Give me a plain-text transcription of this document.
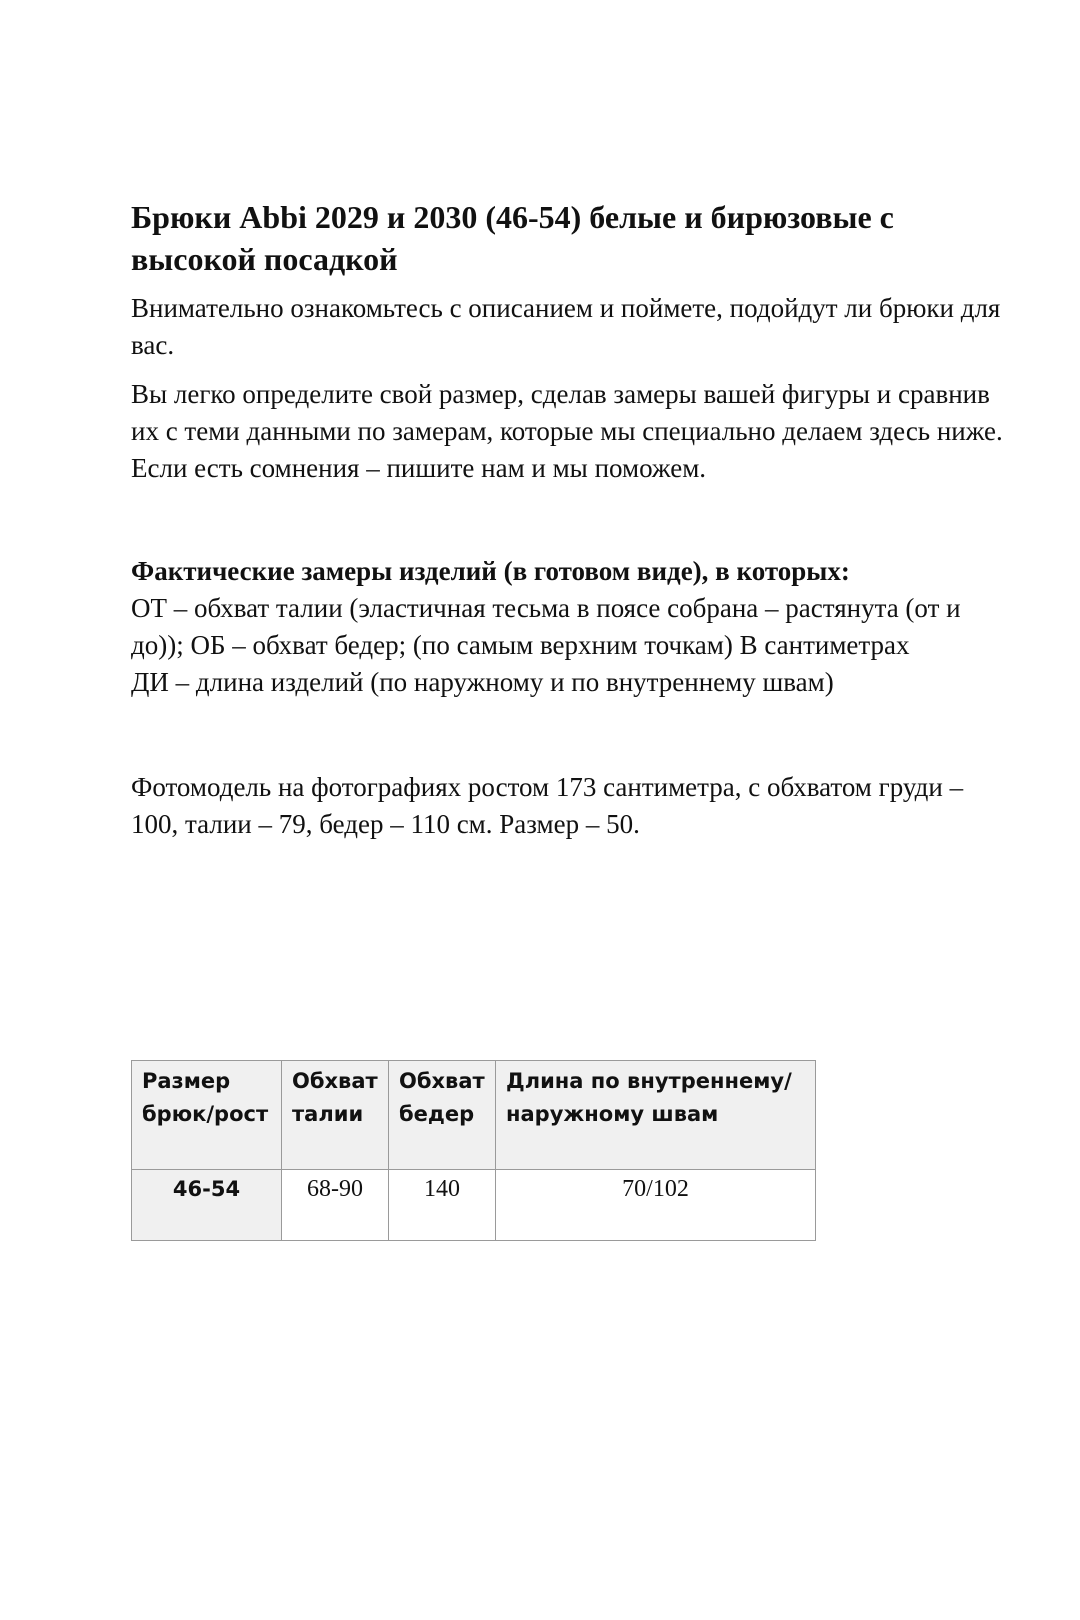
Брюки Abbi 2029 и 2030 (46-54) белые и бирюзовые с высокой посадкой

Внимательно ознакомьтесь с описанием и поймете, подойдут ли брюки для вас.

Вы легко определите свой размер, сделав замеры вашей фигуры и сравнив их с теми данными по замерам, которые мы специально делаем здесь ниже. Если есть сомнения – пишите нам и мы поможем.

Фактические замеры изделий (в готовом виде), в которых:
ОТ – обхват талии (эластичная тесьма в поясе собрана – растянута (от и до)); ОБ – обхват бедер; (по самым верхним точкам) В сантиметрах
ДИ – длина изделий (по наружному и по внутреннему швам)

Фотомодель на фотографиях ростом 173 сантиметра, с обхватом груди – 100, талии – 79, бедер – 110 см. Размер – 50.

Размер брюк/рост	Обхват талии	Обхват бедер	Длина по внутреннему/наружному швам
46-54	68-90	140	70/102
